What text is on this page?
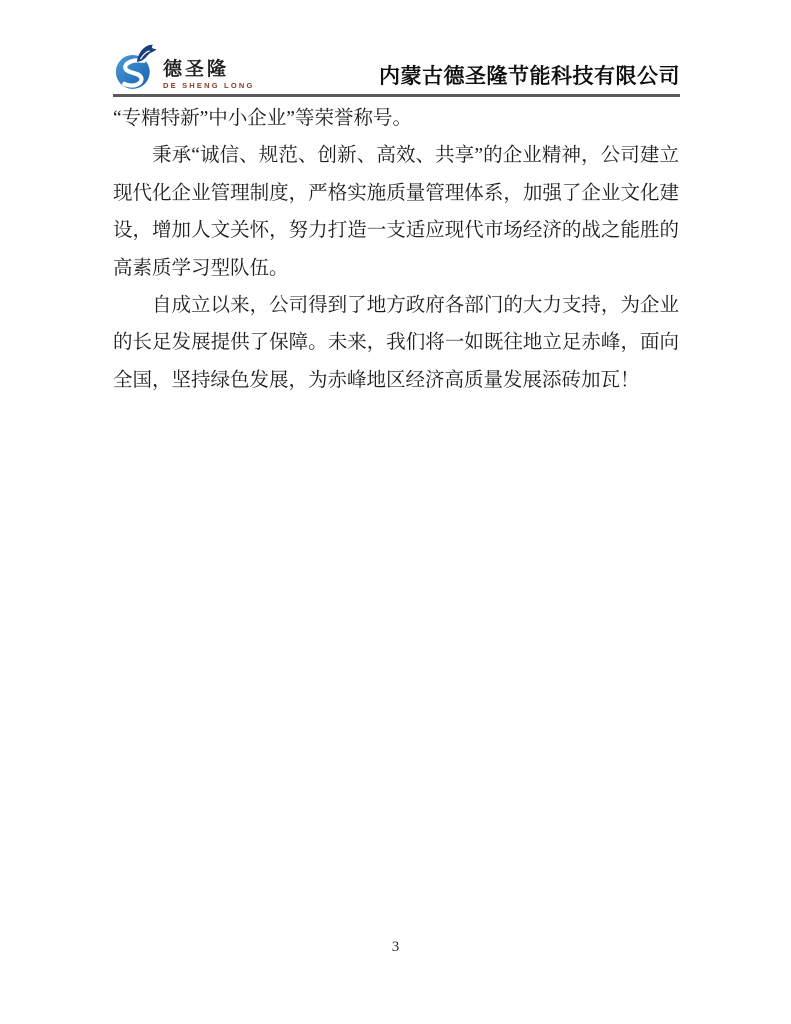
德圣隆
DE SHENG LONG	内蒙古德圣隆节能科技有限公司

“专精特新”中小企业”等荣誉称号。

秉承“诚信、规范、创新、高效、共享”的企业精神，公司建立现代化企业管理制度，严格实施质量管理体系，加强了企业文化建设，增加人文关怀，努力打造一支适应现代市场经济的战之能胜的高素质学习型队伍。

自成立以来，公司得到了地方政府各部门的大力支持，为企业的长足发展提供了保障。未来，我们将一如既往地立足赤峰，面向全国，坚持绿色发展，为赤峰地区经济高质量发展添砖加瓦！

3
